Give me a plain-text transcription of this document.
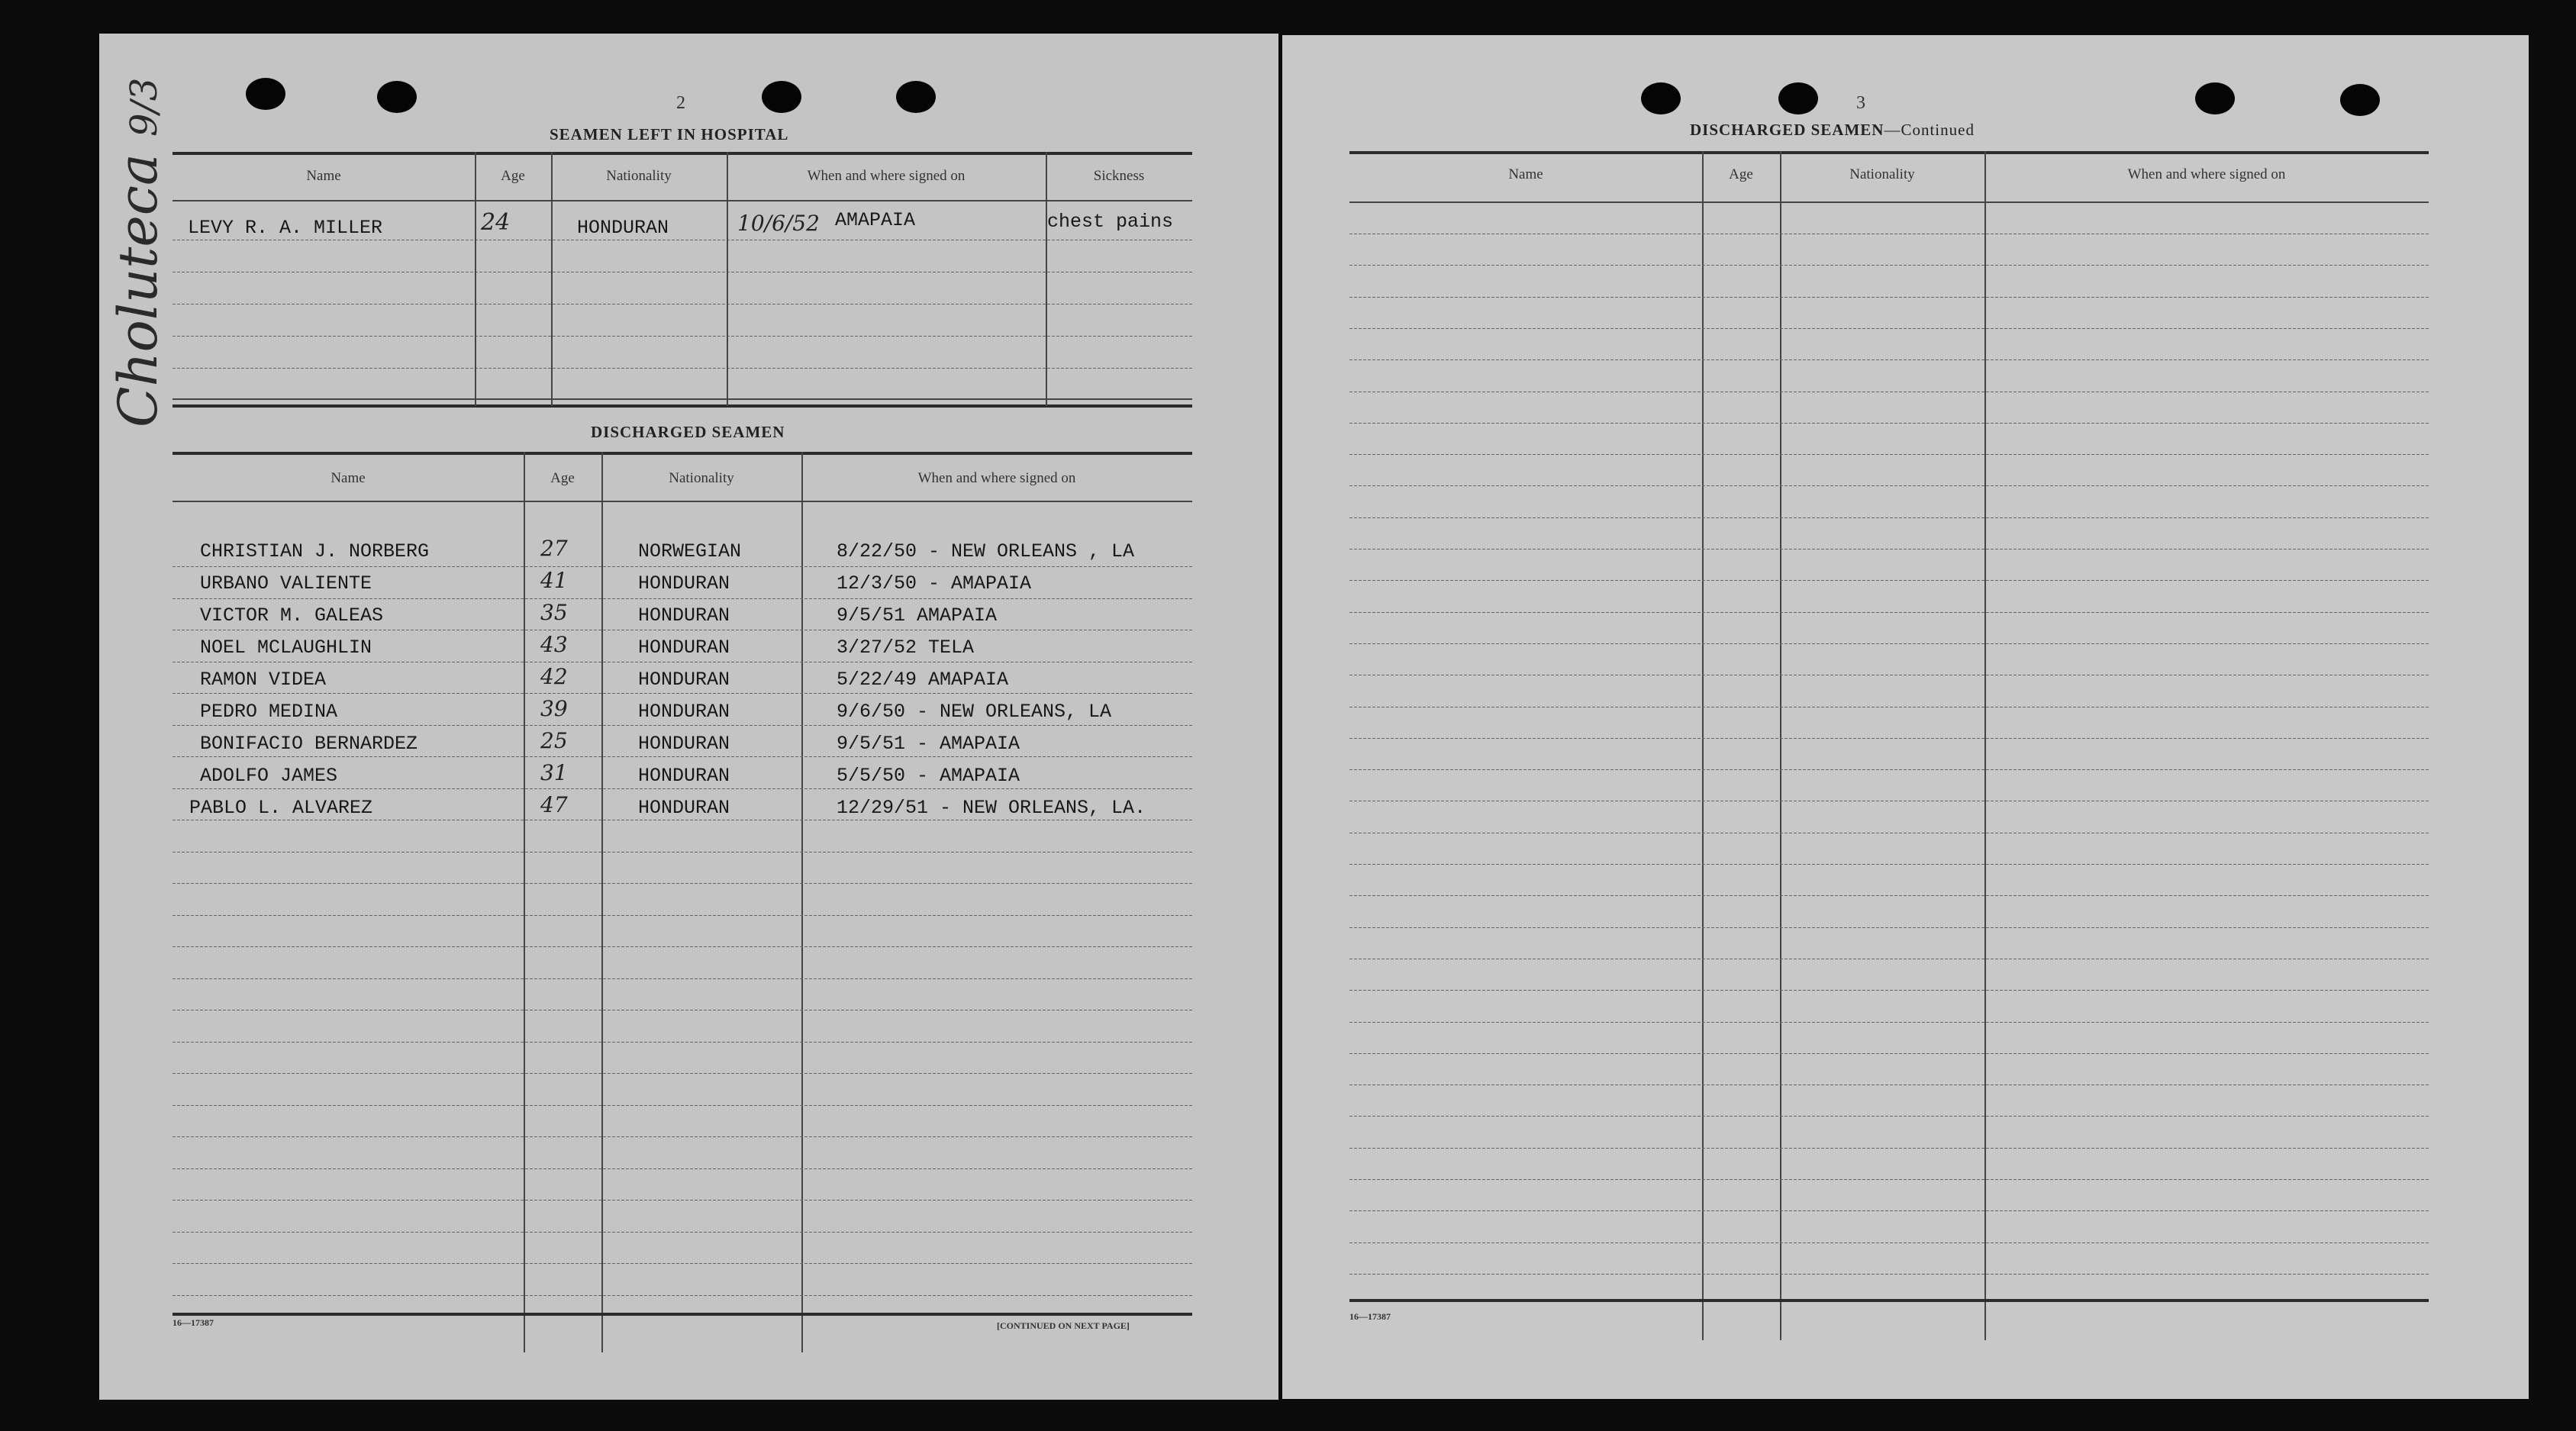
2
SEAMEN LEFT IN HOSPITAL
Name	Age	Nationality	When and where signed on	Sickness
LEVY R. A. MILLER	24	HONDURAN	10/6/52 AMAPAIA	chest pains
DISCHARGED SEAMEN
Name	Age	Nationality	When and where signed on
CHRISTIAN J. NORBERG	27	NORWEGIAN	8/22/50 - NEW ORLEANS , LA
URBANO VALIENTE	41	HONDURAN	12/3/50 - AMAPAIA
VICTOR M. GALEAS	35	HONDURAN	9/5/51 AMAPAIA
NOEL MCLAUGHLIN	43	HONDURAN	3/27/52 TELA
RAMON VIDEA	42	HONDURAN	5/22/49 AMAPAIA
PEDRO MEDINA	39	HONDURAN	9/6/50 - NEW ORLEANS, LA
BONIFACIO BERNARDEZ	25	HONDURAN	9/5/51 - AMAPAIA
ADOLFO JAMES	31	HONDURAN	5/5/50 - AMAPAIA
PABLO L. ALVAREZ	47	HONDURAN	12/29/51 - NEW ORLEANS, LA.
16—17387	[CONTINUED ON NEXT PAGE]
Choluteca 9/3	3
DISCHARGED SEAMEN—Continued
Name	Age	Nationality	When and where signed on
16—17387
